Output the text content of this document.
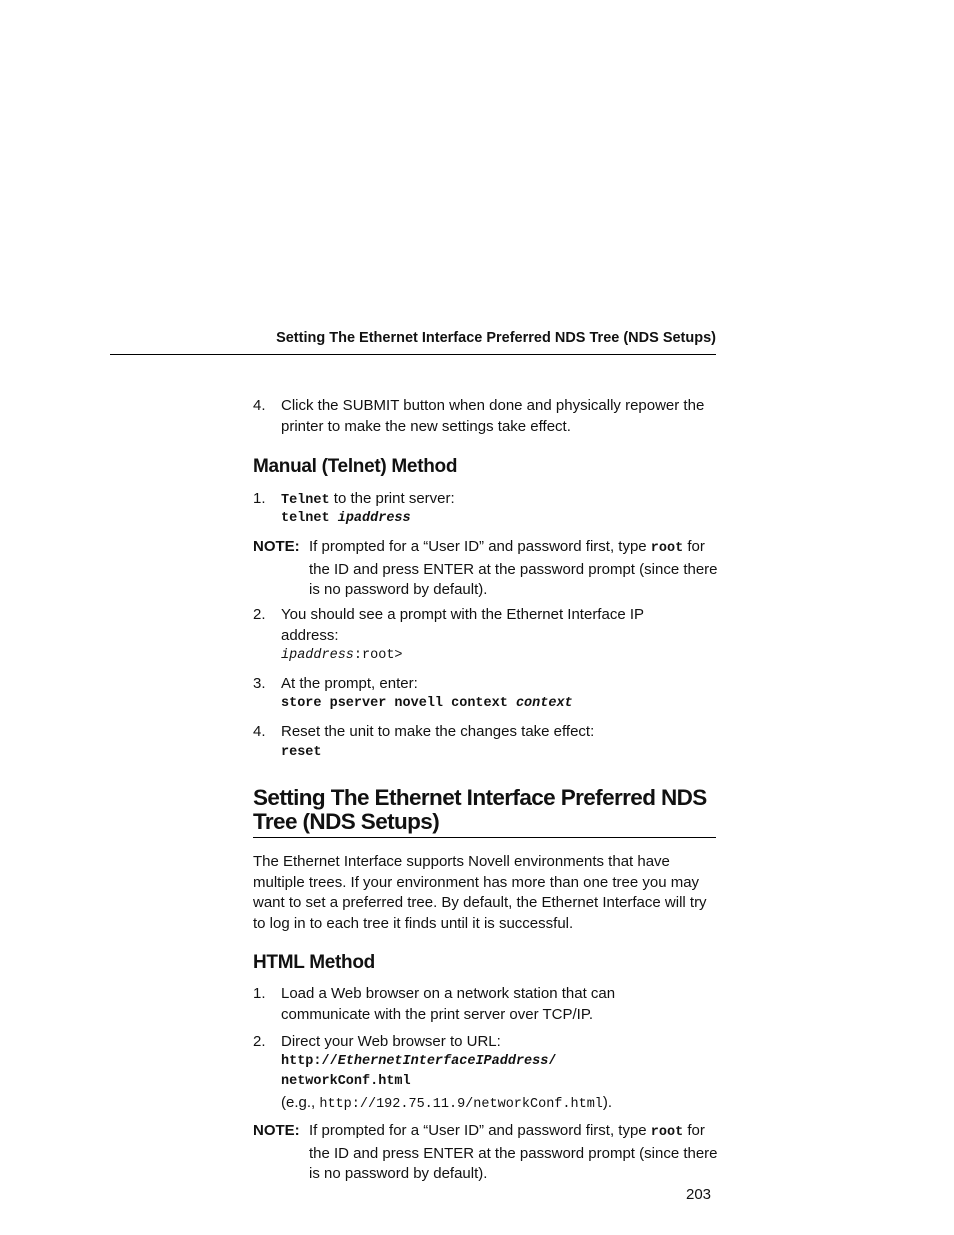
Setting The Ethernet Interface Preferred NDS Tree (NDS Setups)
4. Click the SUBMIT button when done and physically repower the printer to make the new settings take effect.
Manual (Telnet) Method
1. Telnet to the print server:
telnet ipaddress
NOTE: If prompted for a “User ID” and password first, type root for the ID and press ENTER at the password prompt (since there is no password by default).
2. You should see a prompt with the Ethernet Interface IP address:
ipaddress:root>
3. At the prompt, enter:
store pserver novell context context
4. Reset the unit to make the changes take effect:
reset
Setting The Ethernet Interface Preferred NDS
Tree (NDS Setups)
The Ethernet Interface supports Novell environments that have multiple trees. If your environment has more than one tree you may want to set a preferred tree. By default, the Ethernet Interface will try to log in to each tree it finds until it is successful.
HTML Method
1. Load a Web browser on a network station that can communicate with the print server over TCP/IP.
2. Direct your Web browser to URL:
http://EthernetInterfaceIPaddress/
networkConf.html
(e.g., http://192.75.11.9/networkConf.html).
NOTE: If prompted for a “User ID” and password first, type root for the ID and press ENTER at the password prompt (since there is no password by default).
203
